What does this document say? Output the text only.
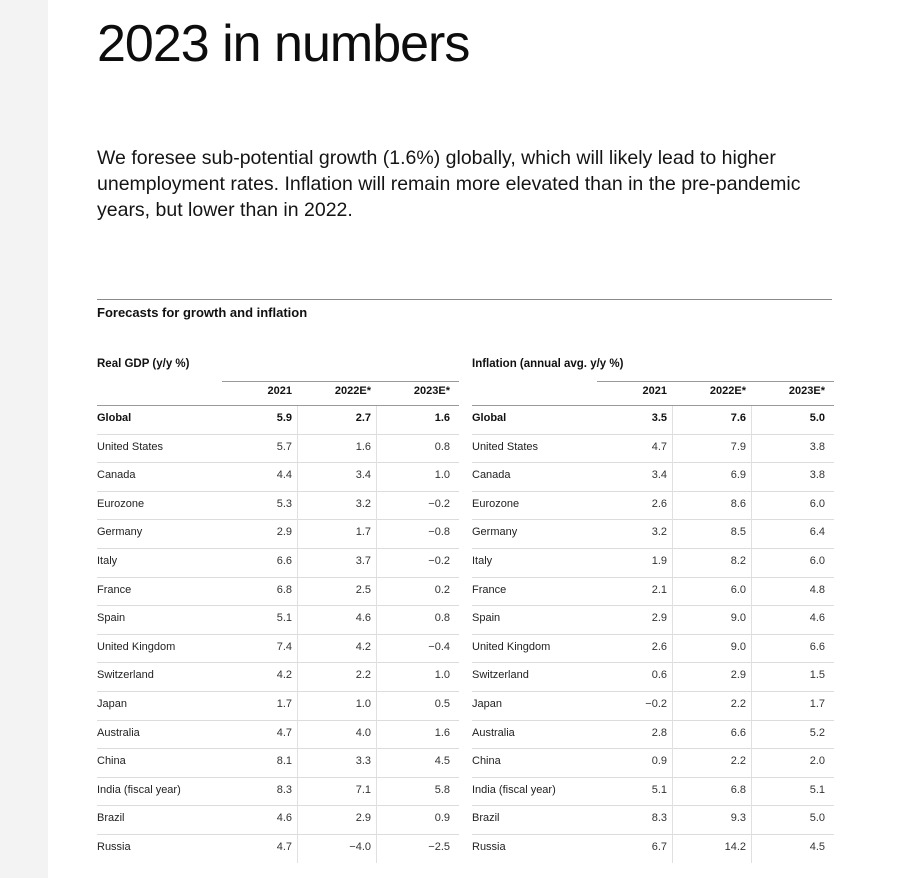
2023 in numbers

We foresee sub-potential growth (1.6%) globally, which will likely lead to higher unemployment rates. Inflation will remain more elevated than in the pre-pandemic years, but lower than in 2022.

Forecasts for growth and inflation
Real GDP (y/y %)
2021	2022E*	2023E*
Global	5.9	2.7	1.6
United States	5.7	1.6	0.8
Canada	4.4	3.4	1.0
Eurozone	5.3	3.2	−0.2
Germany	2.9	1.7	−0.8
Italy	6.6	3.7	−0.2
France	6.8	2.5	0.2
Spain	5.1	4.6	0.8
United Kingdom	7.4	4.2	−0.4
Switzerland	4.2	2.2	1.0
Japan	1.7	1.0	0.5
Australia	4.7	4.0	1.6
China	8.1	3.3	4.5
India (fiscal year)	8.3	7.1	5.8
Brazil	4.6	2.9	0.9
Russia	4.7	−4.0	−2.5
Inflation (annual avg. y/y %)
2021	2022E*	2023E*
Global	3.5	7.6	5.0
United States	4.7	7.9	3.8
Canada	3.4	6.9	3.8
Eurozone	2.6	8.6	6.0
Germany	3.2	8.5	6.4
Italy	1.9	8.2	6.0
France	2.1	6.0	4.8
Spain	2.9	9.0	4.6
United Kingdom	2.6	9.0	6.6
Switzerland	0.6	2.9	1.5
Japan	−0.2	2.2	1.7
Australia	2.8	6.6	5.2
China	0.9	2.2	2.0
India (fiscal year)	5.1	6.8	5.1
Brazil	8.3	9.3	5.0
Russia	6.7	14.2	4.5
